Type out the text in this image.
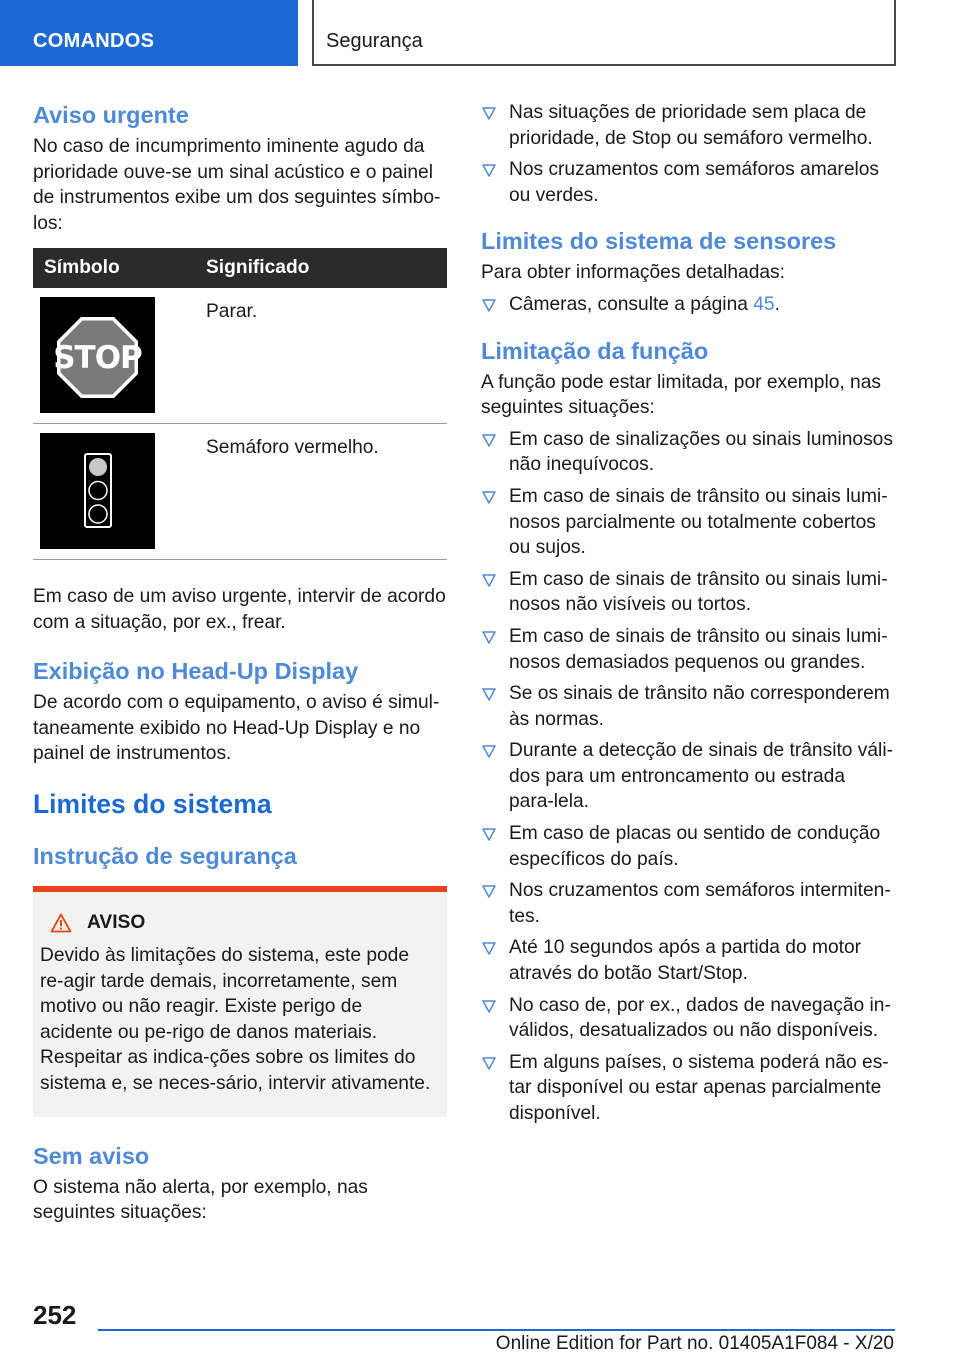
COMANDOS	Segurança
Aviso urgente
No caso de incumprimento iminente agudo da prioridade ouve-se um sinal acústico e o painel de instrumentos exibe um dos seguintes símbo-los:
Símbolo	Significado
STOP
Parar.
Semáforo vermelho.
Em caso de um aviso urgente, intervir de acordo com a situação, por ex., frear.
Exibição no Head-Up Display
De acordo com o equipamento, o aviso é simul-taneamente exibido no Head-Up Display e no painel de instrumentos.
Limites do sistema
Instrução de segurança
AVISO
Devido às limitações do sistema, este pode re-agir tarde demais, incorretamente, sem motivo ou não reagir. Existe perigo de acidente ou pe-rigo de danos materiais. Respeitar as indica-ções sobre os limites do sistema e, se neces-sário, intervir ativamente.
Sem aviso
O sistema não alerta, por exemplo, nas seguintes situações:
Nas situações de prioridade sem placa de prioridade, de Stop ou semáforo vermelho.
Nos cruzamentos com semáforos amarelos ou verdes.
Limites do sistema de sensores
Para obter informações detalhadas:
Câmeras, consulte a página 45.
Limitação da função
A função pode estar limitada, por exemplo, nas seguintes situações:
Em caso de sinalizações ou sinais luminosos não inequívocos.
Em caso de sinais de trânsito ou sinais lumi-nosos parcialmente ou totalmente cobertos ou sujos.
Em caso de sinais de trânsito ou sinais lumi-nosos não visíveis ou tortos.
Em caso de sinais de trânsito ou sinais lumi-nosos demasiados pequenos ou grandes.
Se os sinais de trânsito não corresponderem às normas.
Durante a detecção de sinais de trânsito váli-dos para um entroncamento ou estrada para-lela.
Em caso de placas ou sentido de condução específicos do país.
Nos cruzamentos com semáforos intermiten-tes.
Até 10 segundos após a partida do motor através do botão Start/Stop.
No caso de, por ex., dados de navegação in-válidos, desatualizados ou não disponíveis.
Em alguns países, o sistema poderá não es-tar disponível ou estar apenas parcialmente disponível.
252
Online Edition for Part no. 01405A1F084 - X/20
